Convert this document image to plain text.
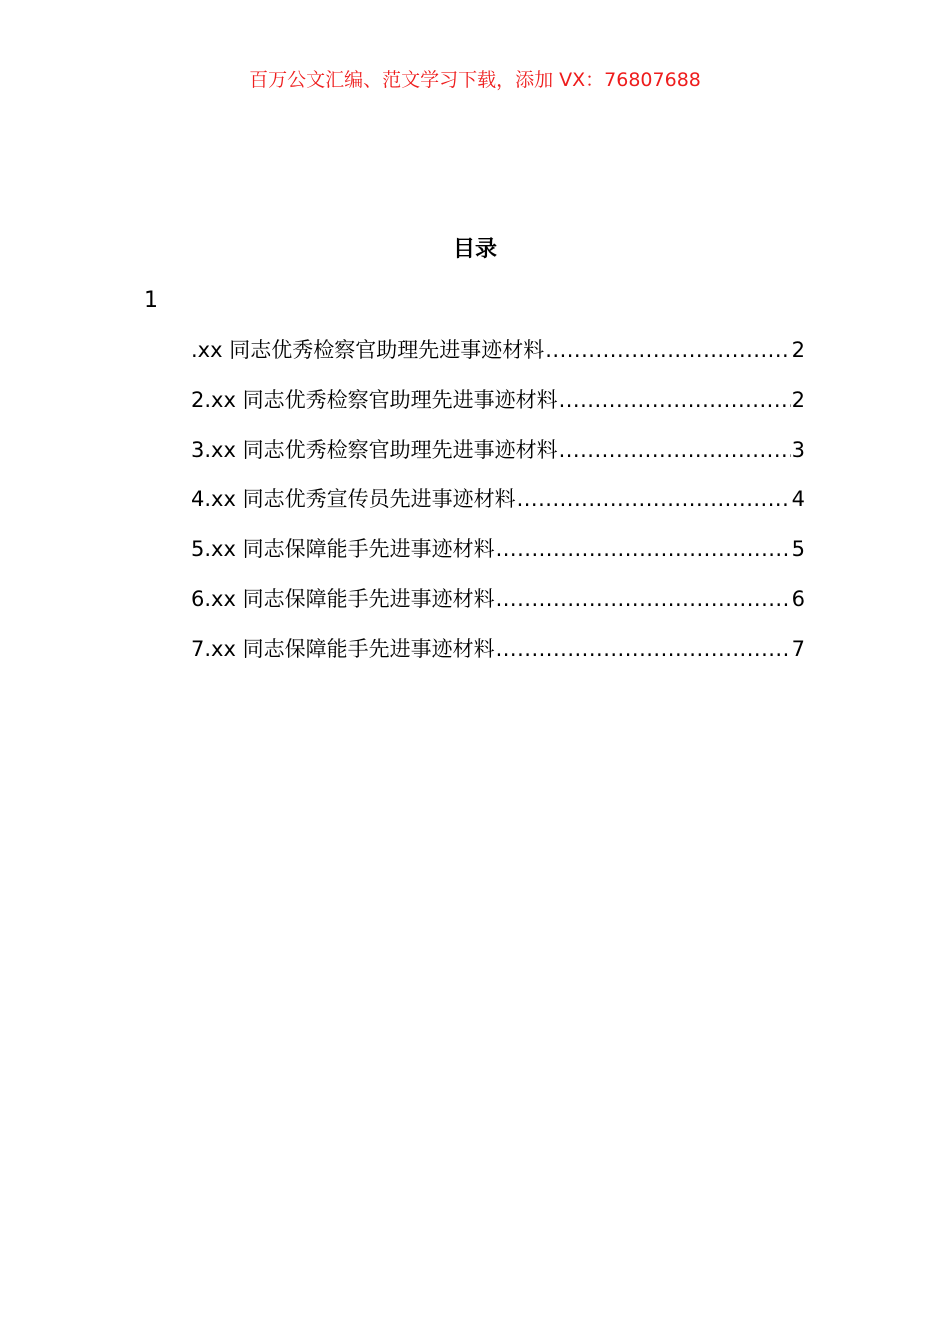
百万公文汇编、范文学习下载，添加 VX：76807688
目录
1
.xx 同志优秀检察官助理先进事迹材料 .....	2
2.xx 同志优秀检察官助理先进事迹材料 .....	2
3.xx 同志优秀检察官助理先进事迹材料 .....	3
4.xx 同志优秀宣传员先进事迹材料 .....	4
5.xx 同志保障能手先进事迹材料 .....	5
6.xx 同志保障能手先进事迹材料 .....	6
7.xx 同志保障能手先进事迹材料 .....	7
